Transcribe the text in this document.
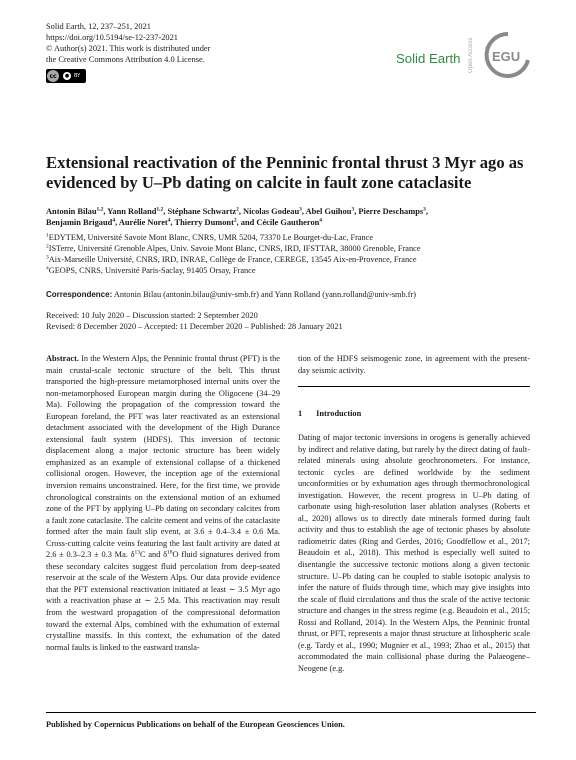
Solid Earth, 12, 237–251, 2021
https://doi.org/10.5194/se-12-237-2021
© Author(s) 2021. This work is distributed under
the Creative Commons Attribution 4.0 License.
cc	● BY
Solid Earth Open Access	EGU
Extensional reactivation of the Penninic frontal thrust 3 Myr ago as evidenced by U–Pb dating on calcite in fault zone cataclasite
Antonin Bilau$^{1,2}$, Yann Rolland$^{1,2}$, Stéphane Schwartz$^2$, Nicolas Godeau$^3$, Abel Guihou$^3$, Pierre Deschamps$^3$,
Benjamin Brigaud$^4$, Aurélie Noret$^4$, Thierry Dumont$^2$, and Cécile Gautheron$^4$
$^1$EDYTEM, Université Savoie Mont Blanc, CNRS, UMR 5204, 73370 Le Bourget-du-Lac, France
$^2$ISTerre, Université Grenoble Alpes, Univ. Savoie Mont Blanc, CNRS, IRD, IFSTTAR, 38000 Grenoble, France
$^3$Aix-Marseille Université, CNRS, IRD, INRAE, Collège de France, CEREGE, 13545 Aix-en-Provence, France
$^4$GEOPS, CNRS, Université Paris-Saclay, 91405 Orsay, France
Correspondence: Antonin Bilau (antonin.bilau@univ-smb.fr) and Yann Rolland (yann.rolland@univ-smb.fr)
Received: 10 July 2020 – Discussion started: 2 September 2020
Revised: 8 December 2020 – Accepted: 11 December 2020 – Published: 28 January 2021

Abstract. In the Western Alps, the Penninic frontal thrust (PFT) is the main crustal-scale tectonic structure of the belt. This thrust transported the high-pressure metamorphosed internal units over the non-metamorphosed European margin during the Oligocene (34–29 Ma). Following the propagation of the compression toward the European foreland, the PFT was later reactivated as an extensional detachment associated with the development of the High Durance extensional fault system (HDFS). This inversion of tectonic displacement along a major tectonic structure has been widely emphasized as an example of extensional collapse of a thickened collisional orogen. However, the inception age of the extensional inversion remains unconstrained. Here, for the first time, we provide chronological constraints on the extensional motion of an exhumed zone of the PFT by applying U–Pb dating on secondary calcites from a fault zone cataclasite. The calcite cement and veins of the cataclasite formed after the main fault slip event, at 3.6 ± 0.4–3.4 ± 0.6 Ma. Cross-cutting calcite veins featuring the last fault activity are dated at 2.6 ± 0.3–2.3 ± 0.3 Ma. $\delta^{13}C$ and $\delta^{18}O$ fluid signatures derived from these secondary calcites suggest fluid percolation from deep-seated reservoir at the scale of the Western Alps. Our data provide evidence that the PFT extensional reactivation initiated at least ∼ 3.5 Myr ago with a reactivation phase at ∼ 2.5 Ma. This reactivation may result from the westward propagation of the compressional deformation toward the external Alps, combined with the exhumation of external crystalline massifs. In this context, the exhumation of the dated normal faults is linked to the eastward transla-

tion of the HDFS seismogenic zone, in agreement with the present-day seismic activity.

1 Introduction

Dating of major tectonic inversions in orogens is generally achieved by indirect and relative dating, but rarely by the direct dating of fault-related minerals using absolute geochronometers. For instance, tectonic cycles are defined worldwide by the sediment unconformities or by exhumation ages through thermochronological investigation. However, the recent progress in U–Pb dating of carbonate using high-resolution laser ablation analyses (Roberts et al., 2020) allows us to directly date minerals formed during fault activity and thus to establish the age of tectonic phases by absolute radiometric dates (Ring and Gerdes, 2016; Goodfellow et al., 2017; Beaudoin et al., 2018). This method is especially well suited to disentangle the successive tectonic motions along a given tectonic structure. U–Pb dating can be coupled to stable isotopic analysis to infer the nature of fluids through time, which may give insights into the scale of fluid circulations and thus the scale of the active tectonic structure and changes in the stress regime (e.g. Beaudoin et al., 2015; Rossi and Rolland, 2014). In the Western Alps, the Penninic frontal thrust, or PFT, represents a major thrust structure at lithospheric scale (e.g. Tardy et al., 1990; Mugnier et al., 1993; Zhao et al., 2015) that accommodated the main collisional phase during the Palaeogene–Neogene (e.g.

Published by Copernicus Publications on behalf of the European Geosciences Union.
